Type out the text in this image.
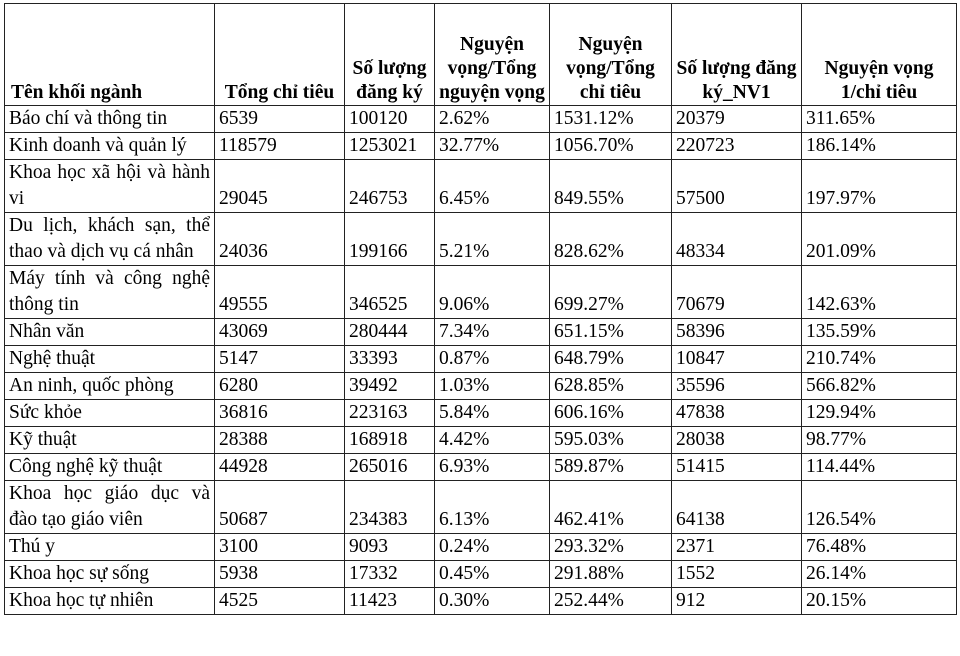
Tên khối ngành	Tổng chỉ tiêu	Số lượng đăng ký	Nguyện vọng/Tổng nguyện vọng	Nguyện vọng/Tổng chỉ tiêu	Số lượng đăng ký_NV1	Nguyện vọng 1/chỉ tiêu
Báo chí và thông tin	6539	100120	2.62%	1531.12%	20379	311.65%
Kinh doanh và quản lý	118579	1253021	32.77%	1056.70%	220723	186.14%
Khoa học xã hội và hành vi	29045	246753	6.45%	849.55%	57500	197.97%
Du lịch, khách sạn, thể thao và dịch vụ cá nhân	24036	199166	5.21%	828.62%	48334	201.09%
Máy tính và công nghệ thông tin	49555	346525	9.06%	699.27%	70679	142.63%
Nhân văn	43069	280444	7.34%	651.15%	58396	135.59%
Nghệ thuật	5147	33393	0.87%	648.79%	10847	210.74%
An ninh, quốc phòng	6280	39492	1.03%	628.85%	35596	566.82%
Sức khỏe	36816	223163	5.84%	606.16%	47838	129.94%
Kỹ thuật	28388	168918	4.42%	595.03%	28038	98.77%
Công nghệ kỹ thuật	44928	265016	6.93%	589.87%	51415	114.44%
Khoa học giáo dục và đào tạo giáo viên	50687	234383	6.13%	462.41%	64138	126.54%
Thú y	3100	9093	0.24%	293.32%	2371	76.48%
Khoa học sự sống	5938	17332	0.45%	291.88%	1552	26.14%
Khoa học tự nhiên	4525	11423	0.30%	252.44%	912	20.15%
